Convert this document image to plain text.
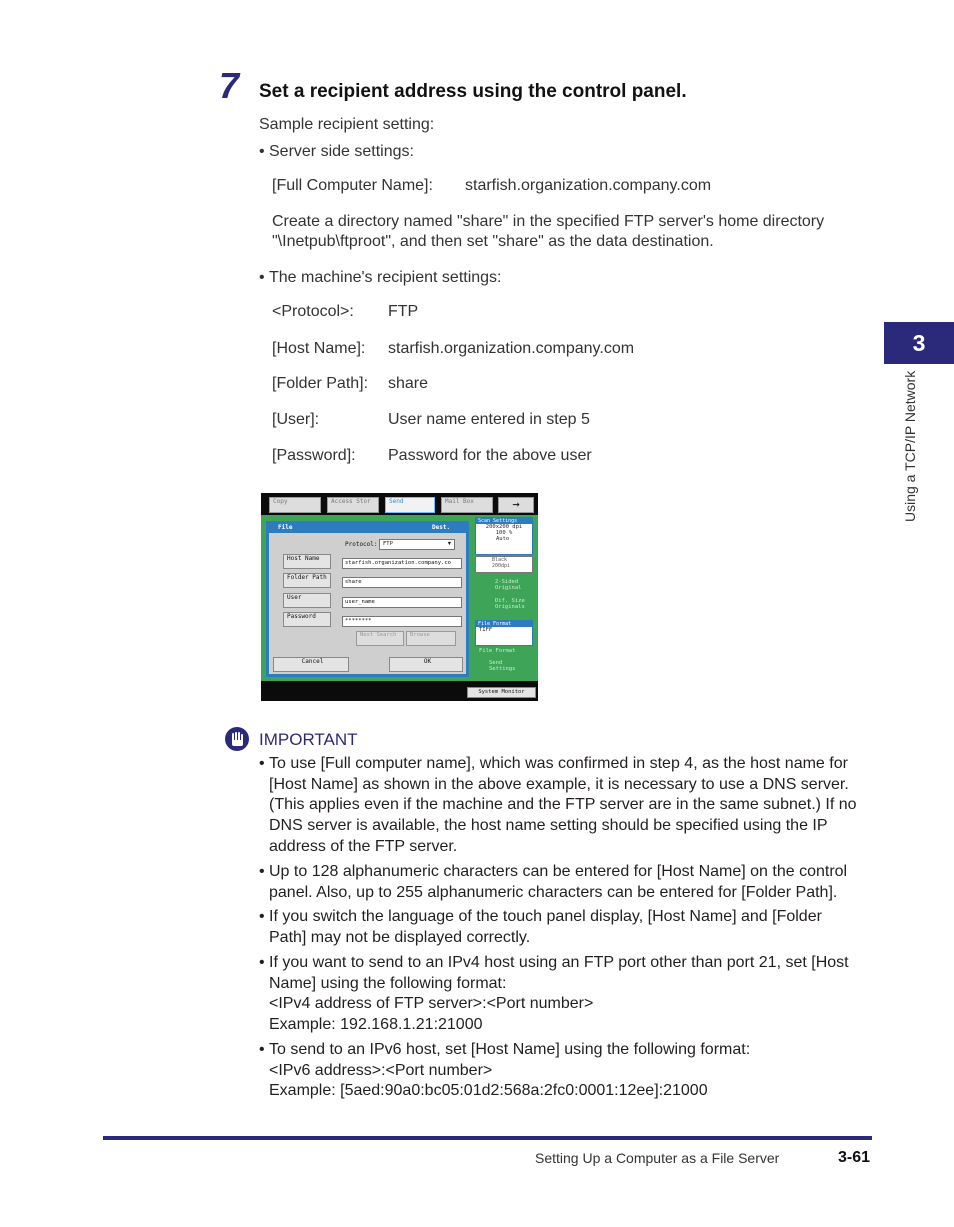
7 Set a recipient address using the control panel.
Sample recipient setting:
• Server side settings:
[Full Computer Name]: starfish.organization.company.com
Create a directory named "share" in the specified FTP server's home directory
"\Inetpub\ftproot", and then set "share" as the data destination.
• The machine's recipient settings:
<Protocol>: FTP
[Host Name]: starfish.organization.company.com
[Folder Path]: share
[User]:	User name entered in step 5
[Password]: Password for the above user
3
Using a TCP/IP Network
Copy	Access Stor	Send	Mail Box	→
File	Dest.
Protocol: FTP	▼
Host Name
starfish.organization.company.co
Folder Path
share
User
user_name
Password
********
Next Search	Browse
Cancel	OK
Scan Settings
200x200 dpi
100 %
Auto
Black
200dpi
2-Sided
Original
Dif. Size
Originals
File Format
TIFF
File Format
Send
Settings
System Monitor
IMPORTANT
• To use [Full computer name], which was confirmed in step 4, as the host name for
[Host Name] as shown in the above example, it is necessary to use a DNS server.
(This applies even if the machine and the FTP server are in the same subnet.) If no
DNS server is available, the host name setting should be specified using the IP
address of the FTP server.
• Up to 128 alphanumeric characters can be entered for [Host Name] on the control
panel. Also, up to 255 alphanumeric characters can be entered for [Folder Path].
• If you switch the language of the touch panel display, [Host Name] and [Folder
Path] may not be displayed correctly.
• If you want to send to an IPv4 host using an FTP port other than port 21, set [Host
Name] using the following format:
<IPv4 address of FTP server>:<Port number>
Example: 192.168.1.21:21000
• To send to an IPv6 host, set [Host Name] using the following format:
<IPv6 address>:<Port number>
Example: [5aed:90a0:bc05:01d2:568a:2fc0:0001:12ee]:21000
Setting Up a Computer as a File Server	3-61
